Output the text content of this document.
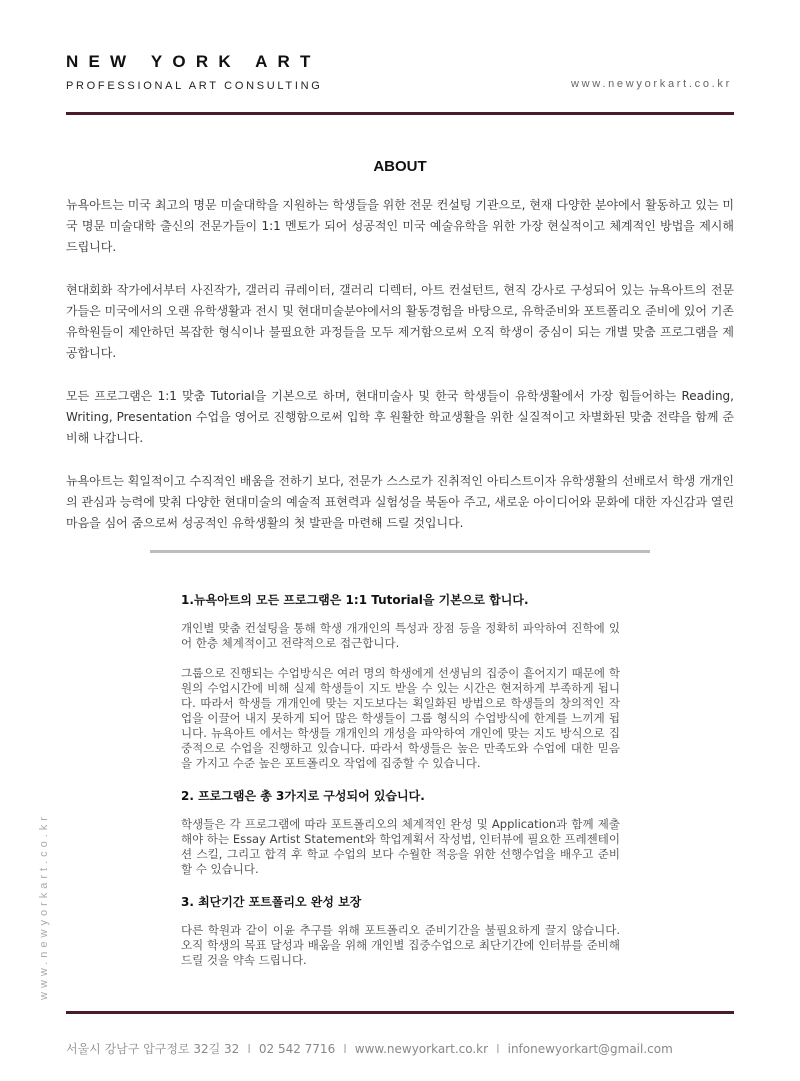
NEW YORK ART

PROFESSIONAL ART CONSULTING	www.newyorkart.co.kr
ABOUT

뉴욕아트는 미국 최고의 명문 미술대학을 지원하는 학생들을 위한 전문 컨설팅 기관으로, 현재 다양한 분야에서 활동하고 있는 미국 명문 미술대학 출신의 전문가들이 1:1 멘토가 되어 성공적인 미국 예술유학을 위한 가장 현실적이고 체계적인 방법을 제시해드립니다.

현대회화 작가에서부터 사진작가, 갤러리 큐레이터, 갤러리 디렉터, 아트 컨설턴트, 현직 강사로 구성되어 있는 뉴욕아트의 전문가들은 미국에서의 오랜 유학생활과 전시 및 현대미술분야에서의 활동경험을 바탕으로, 유학준비와 포트폴리오 준비에 있어 기존 유학원들이 제안하던 복잡한 형식이나 불필요한 과정들을 모두 제거함으로써 오직 학생이 중심이 되는 개별 맞춤 프로그램을 제공합니다.

모든 프로그램은 1:1 맞춤 Tutorial을 기본으로 하며, 현대미술사 및 한국 학생들이 유학생활에서 가장 힘들어하는 Reading, Writing, Presentation 수업을 영어로 진행함으로써 입학 후 원활한 학교생활을 위한 실질적이고 차별화된 맞춤 전략을 함께 준비해 나갑니다.

뉴욕아트는 획일적이고 수직적인 배움을 전하기 보다, 전문가 스스로가 진취적인 아티스트이자 유학생활의 선배로서 학생 개개인의 관심과 능력에 맞춰 다양한 현대미술의 예술적 표현력과 실험성을 북돋아 주고, 새로운 아이디어와 문화에 대한 자신감과 열린 마음을 심어 줌으로써 성공적인 유학생활의 첫 발판을 마련해 드릴 것입니다.

1.뉴욕아트의 모든 프로그램은 1:1 Tutorial을 기본으로 합니다.

개인별 맞춤 컨설팅을 통해 학생 개개인의 특성과 장점 등을 정확히 파악하여 진학에 있어 한층 체계적이고 전략적으로 접근합니다.

그룹으로 진행되는 수업방식은 여러 명의 학생에게 선생님의 집중이 흩어지기 때문에 학원의 수업시간에 비해 실제 학생들이 지도 받을 수 있는 시간은 현저하게 부족하게 됩니다. 따라서 학생들 개개인에 맞는 지도보다는 획일화된 방법으로 학생들의 창의적인 작업을 이끌어 내지 못하게 되어 많은 학생들이 그룹 형식의 수업방식에 한계를 느끼게 됩니다. 뉴욕아트 에서는 학생들 개개인의 개성을 파악하여 개인에 맞는 지도 방식으로 집중적으로 수업을 진행하고 있습니다. 따라서 학생들은 높은 만족도와 수업에 대한 믿음을 가지고 수준 높은 포트폴리오 작업에 집중할 수 있습니다.

2. 프로그램은 총 3가지로 구성되어 있습니다.

학생들은 각 프로그램에 따라 포트폴리오의 체계적인 완성 및 Application과 함께 제출해야 하는 Essay Artist Statement와 학업계획서 작성법, 인터뷰에 필요한 프레젠테이션 스킬, 그리고 합격 후 학교 수업의 보다 수월한 적응을 위한 선행수업을 배우고 준비할 수 있습니다.

3. 최단기간 포트폴리오 완성 보장

다른 학원과 같이 이윤 추구를 위해 포트폴리오 준비기간을 불필요하게 끌지 않습니다. 오직 학생의 목표 달성과 배움을 위해 개인별 집중수업으로 최단기간에 인터뷰를 준비해 드릴 것을 약속 드립니다.

www.newyorkart.co.kr
서울시 강남구 압구정로 32길 32 I 02 542 7716 I www.newyorkart.co.kr I infonewyorkart@gmail.com
